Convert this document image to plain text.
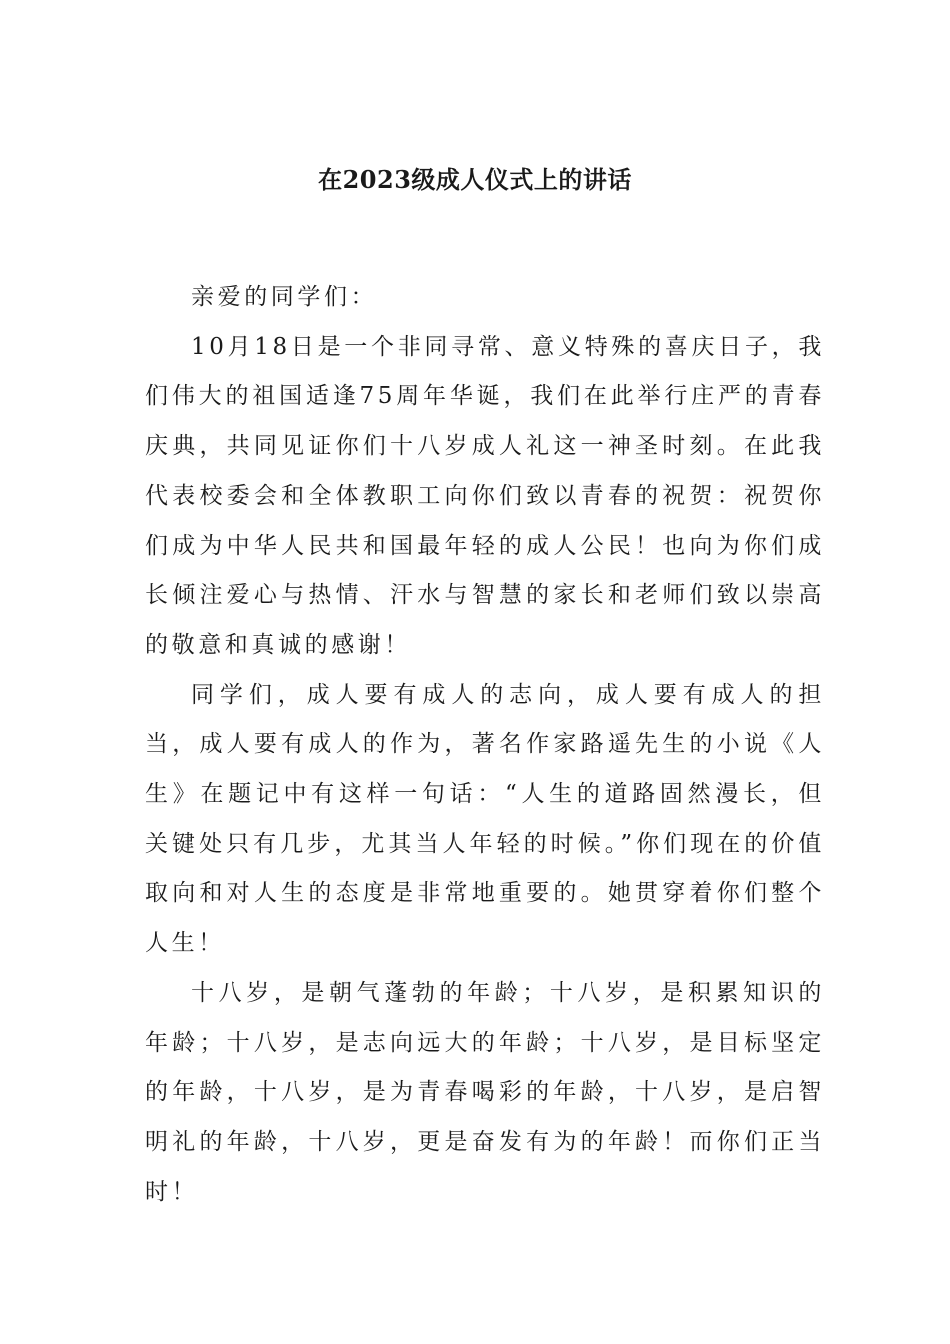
在2023级成人仪式上的讲话

亲爱的同学们：

10月18日是一个非同寻常、意义特殊的喜庆日子，我们伟大的祖国适逢75周年华诞，我们在此举行庄严的青春庆典，共同见证你们十八岁成人礼这一神圣时刻。在此我代表校委会和全体教职工向你们致以青春的祝贺：祝贺你们成为中华人民共和国最年轻的成人公民！也向为你们成长倾注爱心与热情、汗水与智慧的家长和老师们致以崇高的敬意和真诚的感谢！

同学们，成人要有成人的志向，成人要有成人的担当，成人要有成人的作为，著名作家路遥先生的小说《人生》在题记中有这样一句话：“人生的道路固然漫长，但关键处只有几步，尤其当人年轻的时候。”你们现在的价值取向和对人生的态度是非常地重要的。她贯穿着你们整个人生！

十八岁，是朝气蓬勃的年龄；十八岁，是积累知识的年龄；十八岁，是志向远大的年龄；十八岁，是目标坚定的年龄，十八岁，是为青春喝彩的年龄，十八岁，是启智明礼的年龄，十八岁，更是奋发有为的年龄！而你们正当时！
